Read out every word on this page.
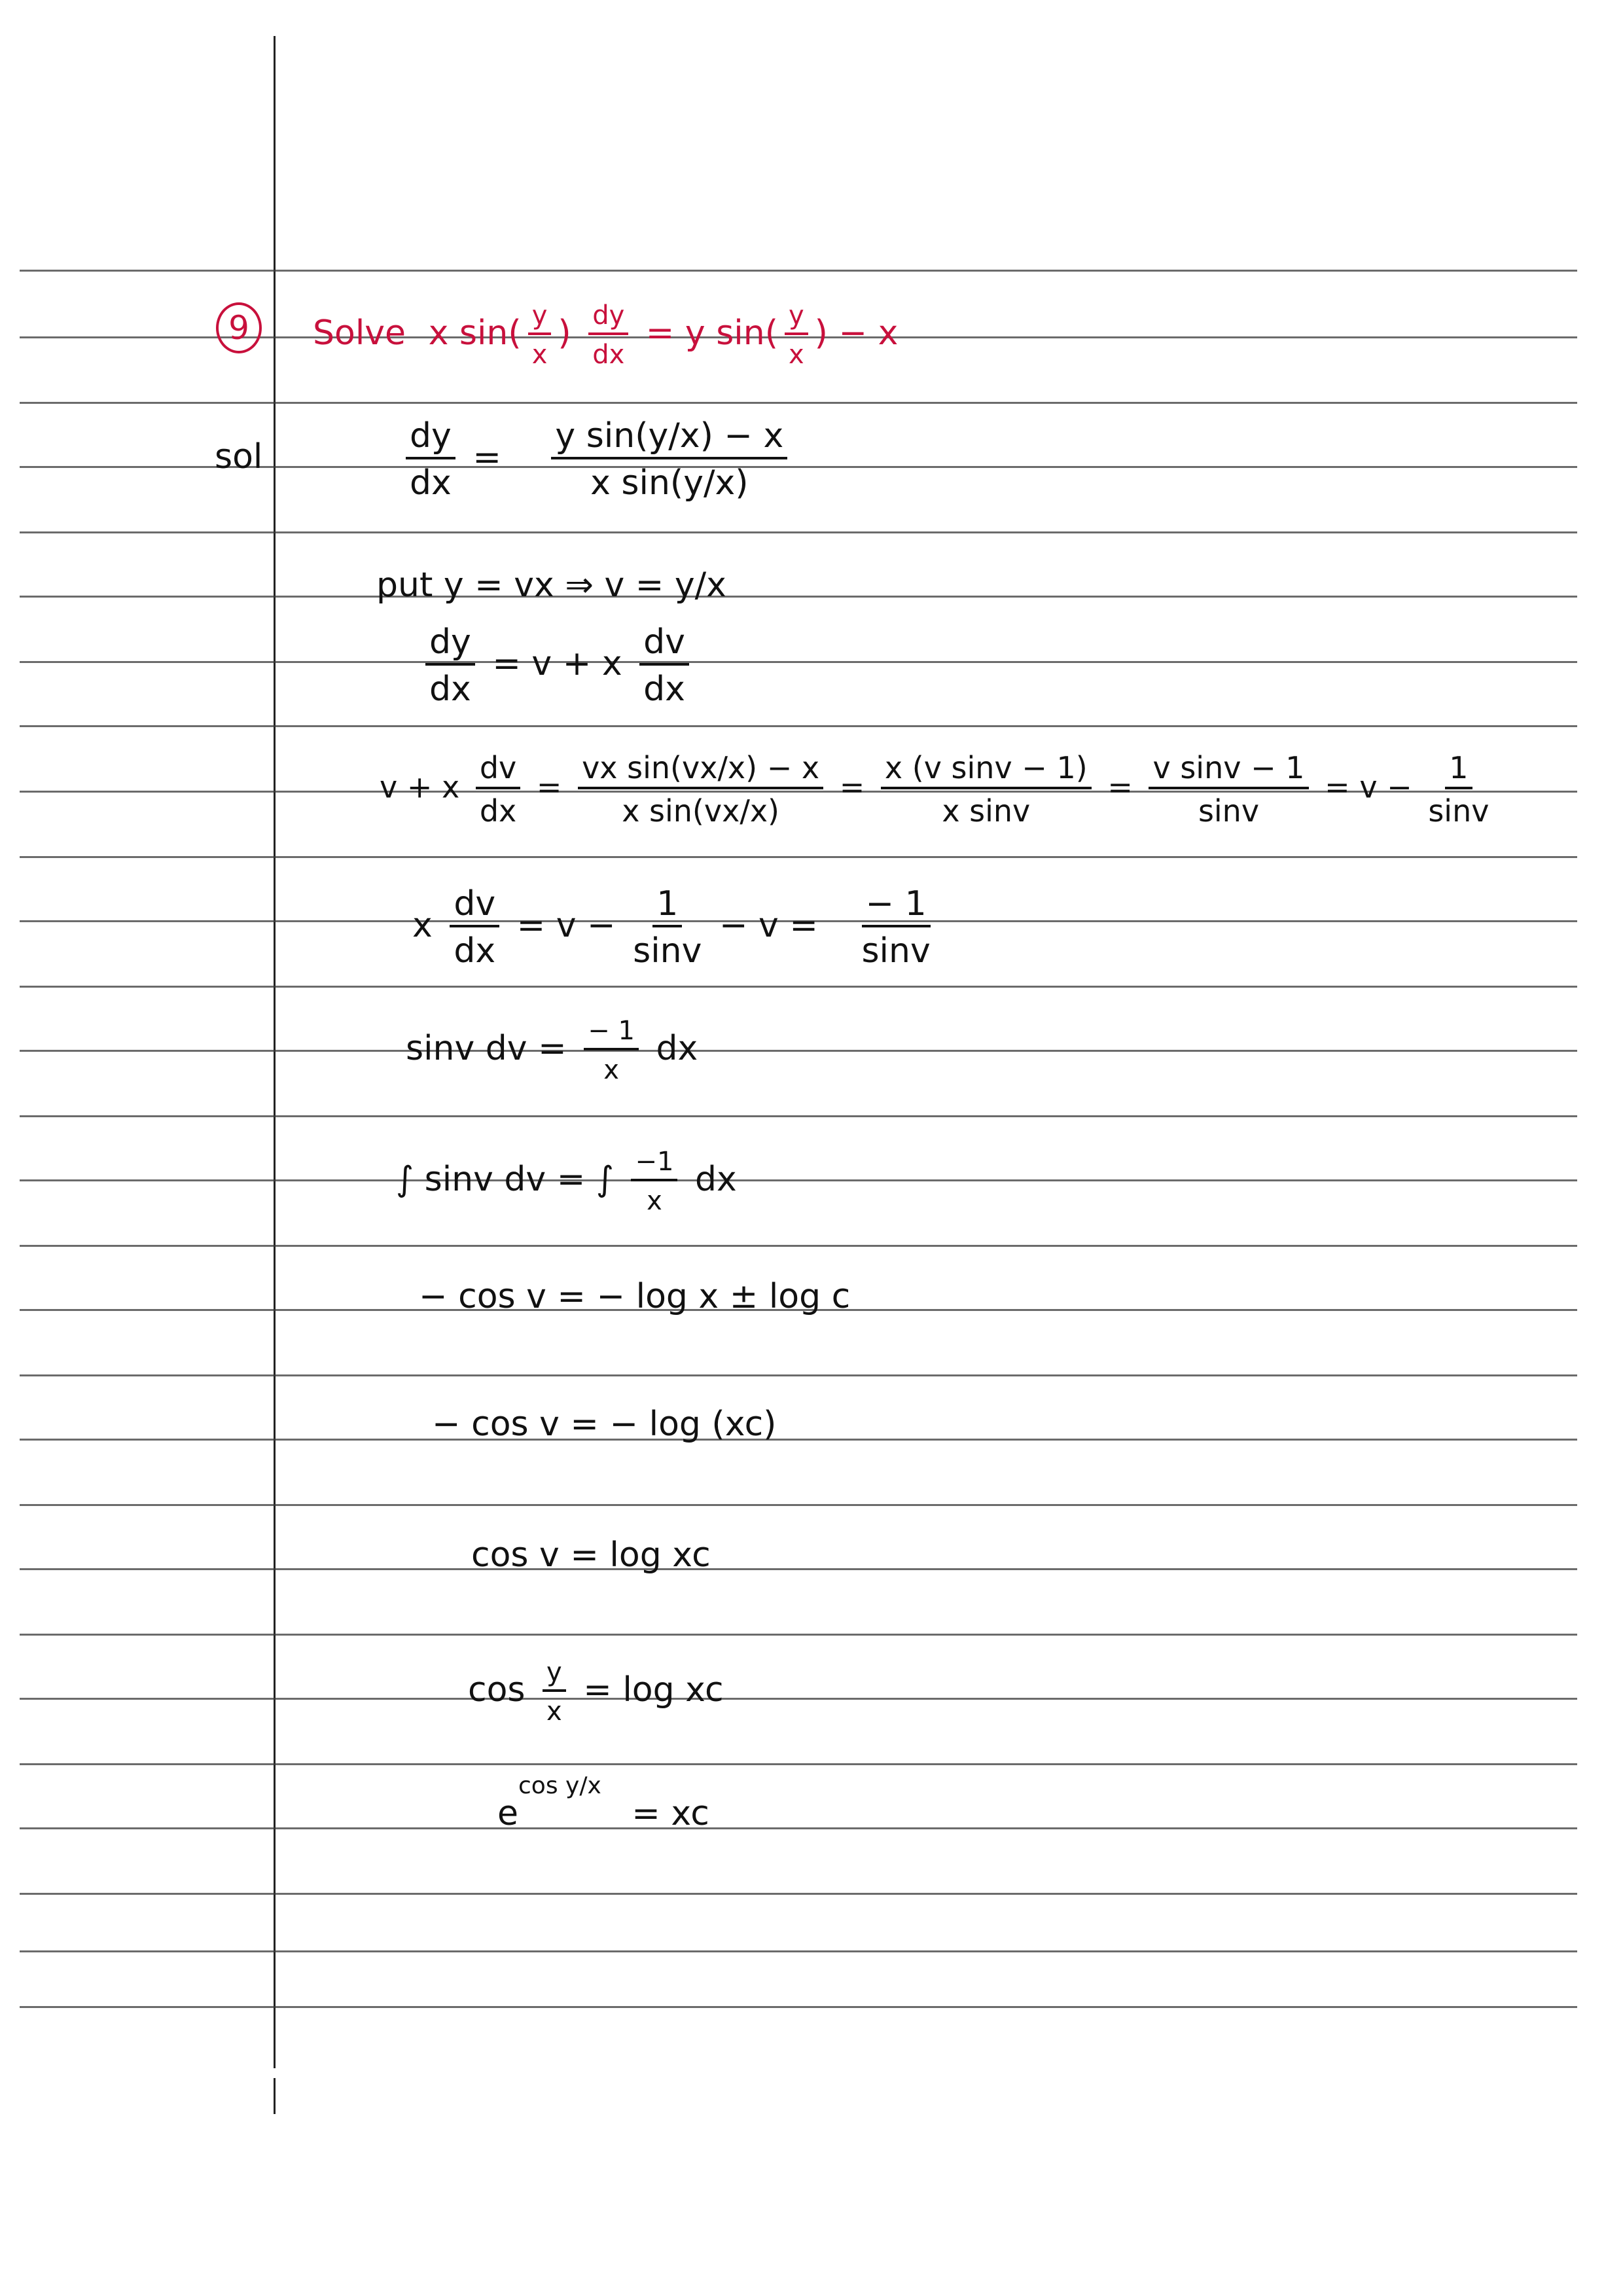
9	Solve x $\sin( \frac{y}{x}$ ) $\frac{dy}{dx} = y$ $\sin( \frac{y}{x}$ ) − x
sol	$\frac{dy}{dx} = \frac{\text{y sin(y/x) − x}}{\text{x sin(y/x)}}$
put y = vx ⇒ v = y/x
$\frac{dy}{dx} = v + x \frac{dv}{dx}$
v + x $\frac{dv}{dx} = \frac{\text{vx sin(vx/x) − x}}{\text{x sin(vx/x)}} = \frac{\text{x (v sinv − 1)}}{\text{x sinv}} = \frac{\text{v sinv − 1}}{\sin v} = v - \frac{1}{\sin v}$
x $\frac{dv}{dx} = v - \frac{1}{\sin v} - v = \frac{- 1}{\sin v}$
sinv dv = $\frac{- 1}{x}$ dx
∫ sinv dv = ∫ $\frac{-1}{x}$ dx
− cos v = − log x ± log c
− cos v = − log (xc)
cos v = log xc
$\cos \frac{y}{x} = \log$ xc
$e^{cos y/x}$ = xc
